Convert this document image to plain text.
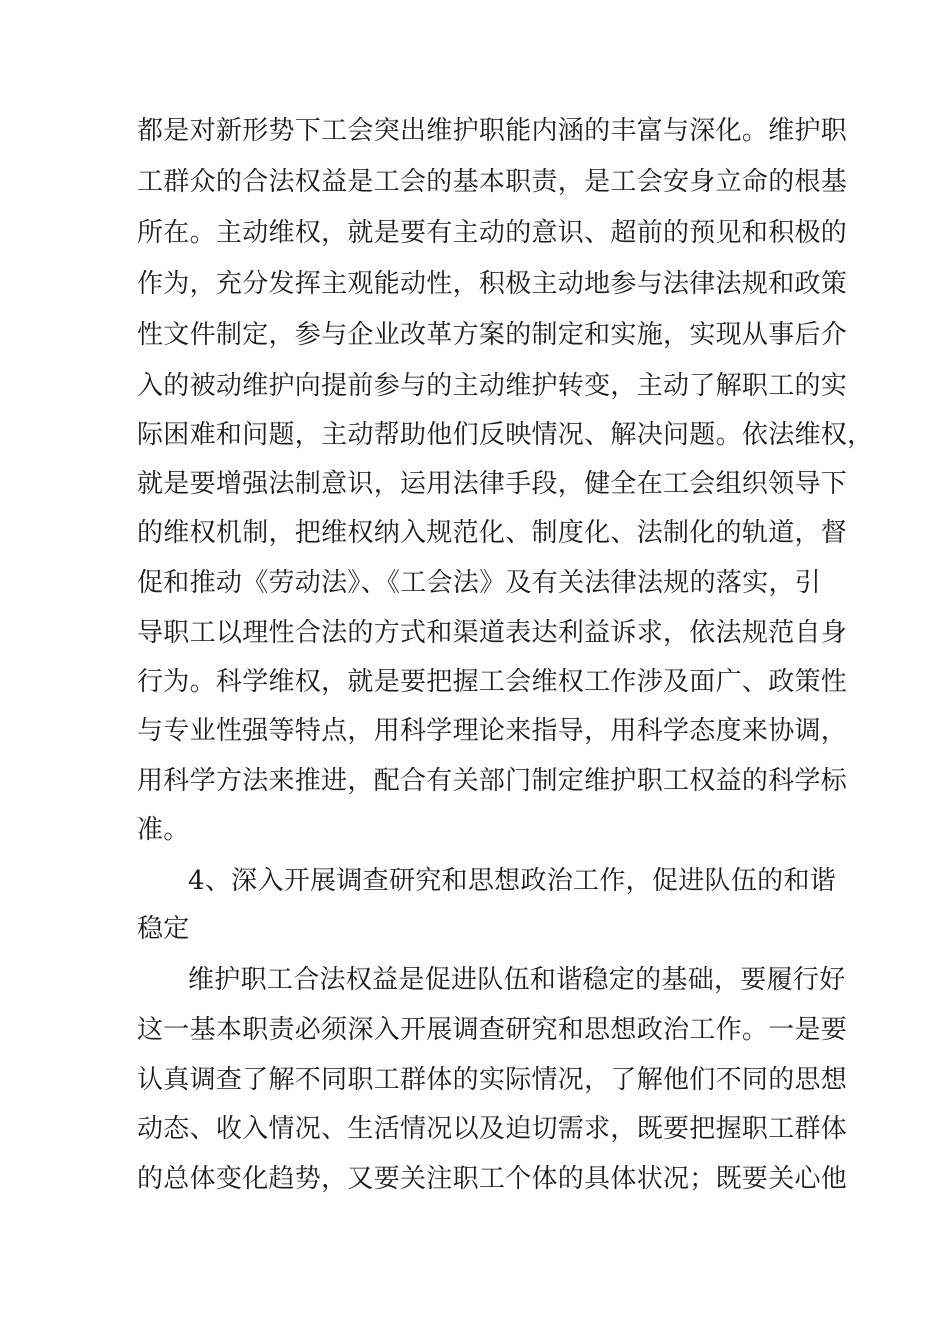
都是对新形势下工会突出维护职能内涵的丰富与深化。维护职
工群众的合法权益是工会的基本职责，是工会安身立命的根基
所在。主动维权，就是要有主动的意识、超前的预见和积极的
作为，充分发挥主观能动性，积极主动地参与法律法规和政策
性文件制定，参与企业改革方案的制定和实施，实现从事后介
入的被动维护向提前参与的主动维护转变，主动了解职工的实
际困难和问题，主动帮助他们反映情况、解决问题。依法维权，
就是要增强法制意识，运用法律手段，健全在工会组织领导下
的维权机制，把维权纳入规范化、制度化、法制化的轨道，督
促和推动《劳动法》、《工会法》及有关法律法规的落实，引
导职工以理性合法的方式和渠道表达利益诉求，依法规范自身
行为。科学维权，就是要把握工会维权工作涉及面广、政策性
与专业性强等特点，用科学理论来指导，用科学态度来协调，
用科学方法来推进，配合有关部门制定维护职工权益的科学标
准。
4、深入开展调查研究和思想政治工作，促进队伍的和谐
稳定
维护职工合法权益是促进队伍和谐稳定的基础，要履行好
这一基本职责必须深入开展调查研究和思想政治工作。一是要
认真调查了解不同职工群体的实际情况，了解他们不同的思想
动态、收入情况、生活情况以及迫切需求，既要把握职工群体
的总体变化趋势，又要关注职工个体的具体状况；既要关心他
